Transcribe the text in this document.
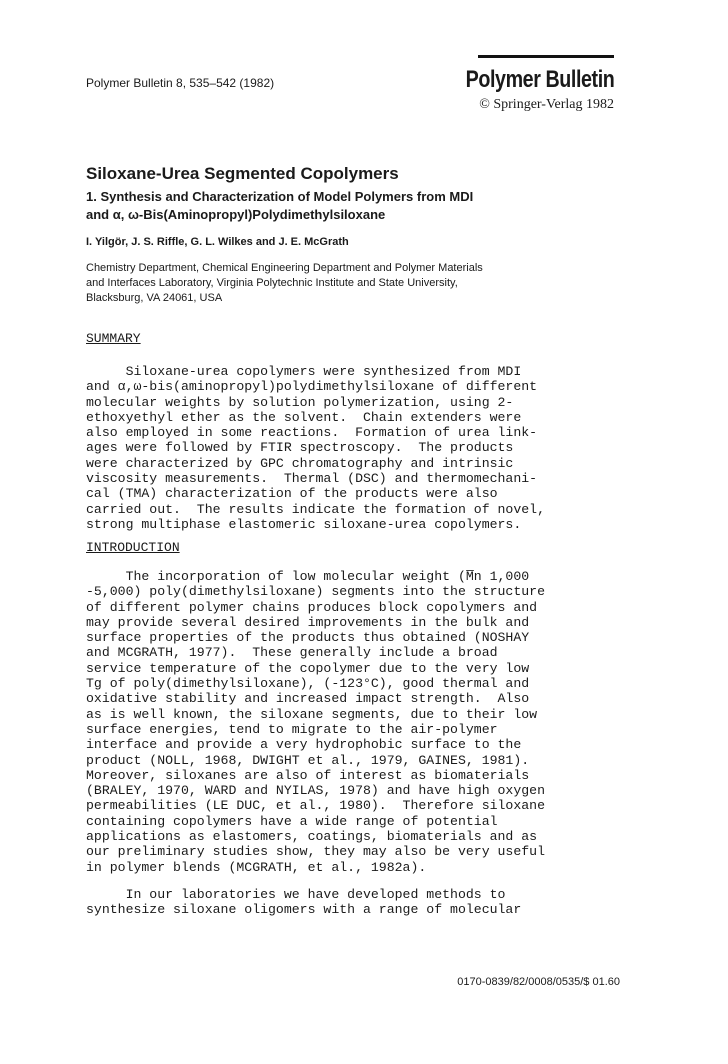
Polymer Bulletin 8, 535–542 (1982)	Polymer Bulletin
© Springer-Verlag 1982
Siloxane-Urea Segmented Copolymers
1. Synthesis and Characterization of Model Polymers from MDI
and α, ω-Bis(Aminopropyl)Polydimethylsiloxane
I. Yilgör, J. S. Riffle, G. L. Wilkes and J. E. McGrath
Chemistry Department, Chemical Engineering Department and Polymer Materials
and Interfaces Laboratory, Virginia Polytechnic Institute and State University,
Blacksburg, VA 24061, USA
SUMMARY
Siloxane-urea copolymers were synthesized from MDI
and α,ω-bis(aminopropyl)polydimethylsiloxane of different
molecular weights by solution polymerization, using 2-
ethoxyethyl ether as the solvent.  Chain extenders were
also employed in some reactions.  Formation of urea link-
ages were followed by FTIR spectroscopy.  The products
were characterized by GPC chromatography and intrinsic
viscosity measurements.  Thermal (DSC) and thermomechani-
cal (TMA) characterization of the products were also
carried out.  The results indicate the formation of novel,
strong multiphase elastomeric siloxane-urea copolymers.
INTRODUCTION
The incorporation of low molecular weight (M̅n 1,000
-5,000) poly(dimethylsiloxane) segments into the structure
of different polymer chains produces block copolymers and
may provide several desired improvements in the bulk and
surface properties of the products thus obtained (NOSHAY
and MCGRATH, 1977).  These generally include a broad
service temperature of the copolymer due to the very low
Tg of poly(dimethylsiloxane), (-123°C), good thermal and
oxidative stability and increased impact strength.  Also
as is well known, the siloxane segments, due to their low
surface energies, tend to migrate to the air-polymer
interface and provide a very hydrophobic surface to the
product (NOLL, 1968, DWIGHT et al., 1979, GAINES, 1981).
Moreover, siloxanes are also of interest as biomaterials
(BRALEY, 1970, WARD and NYILAS, 1978) and have high oxygen
permeabilities (LE DUC, et al., 1980).  Therefore siloxane
containing copolymers have a wide range of potential
applications as elastomers, coatings, biomaterials and as
our preliminary studies show, they may also be very useful
in polymer blends (MCGRATH, et al., 1982a).
In our laboratories we have developed methods to
synthesize siloxane oligomers with a range of molecular
0170-0839/82/0008/0535/$ 01.60
